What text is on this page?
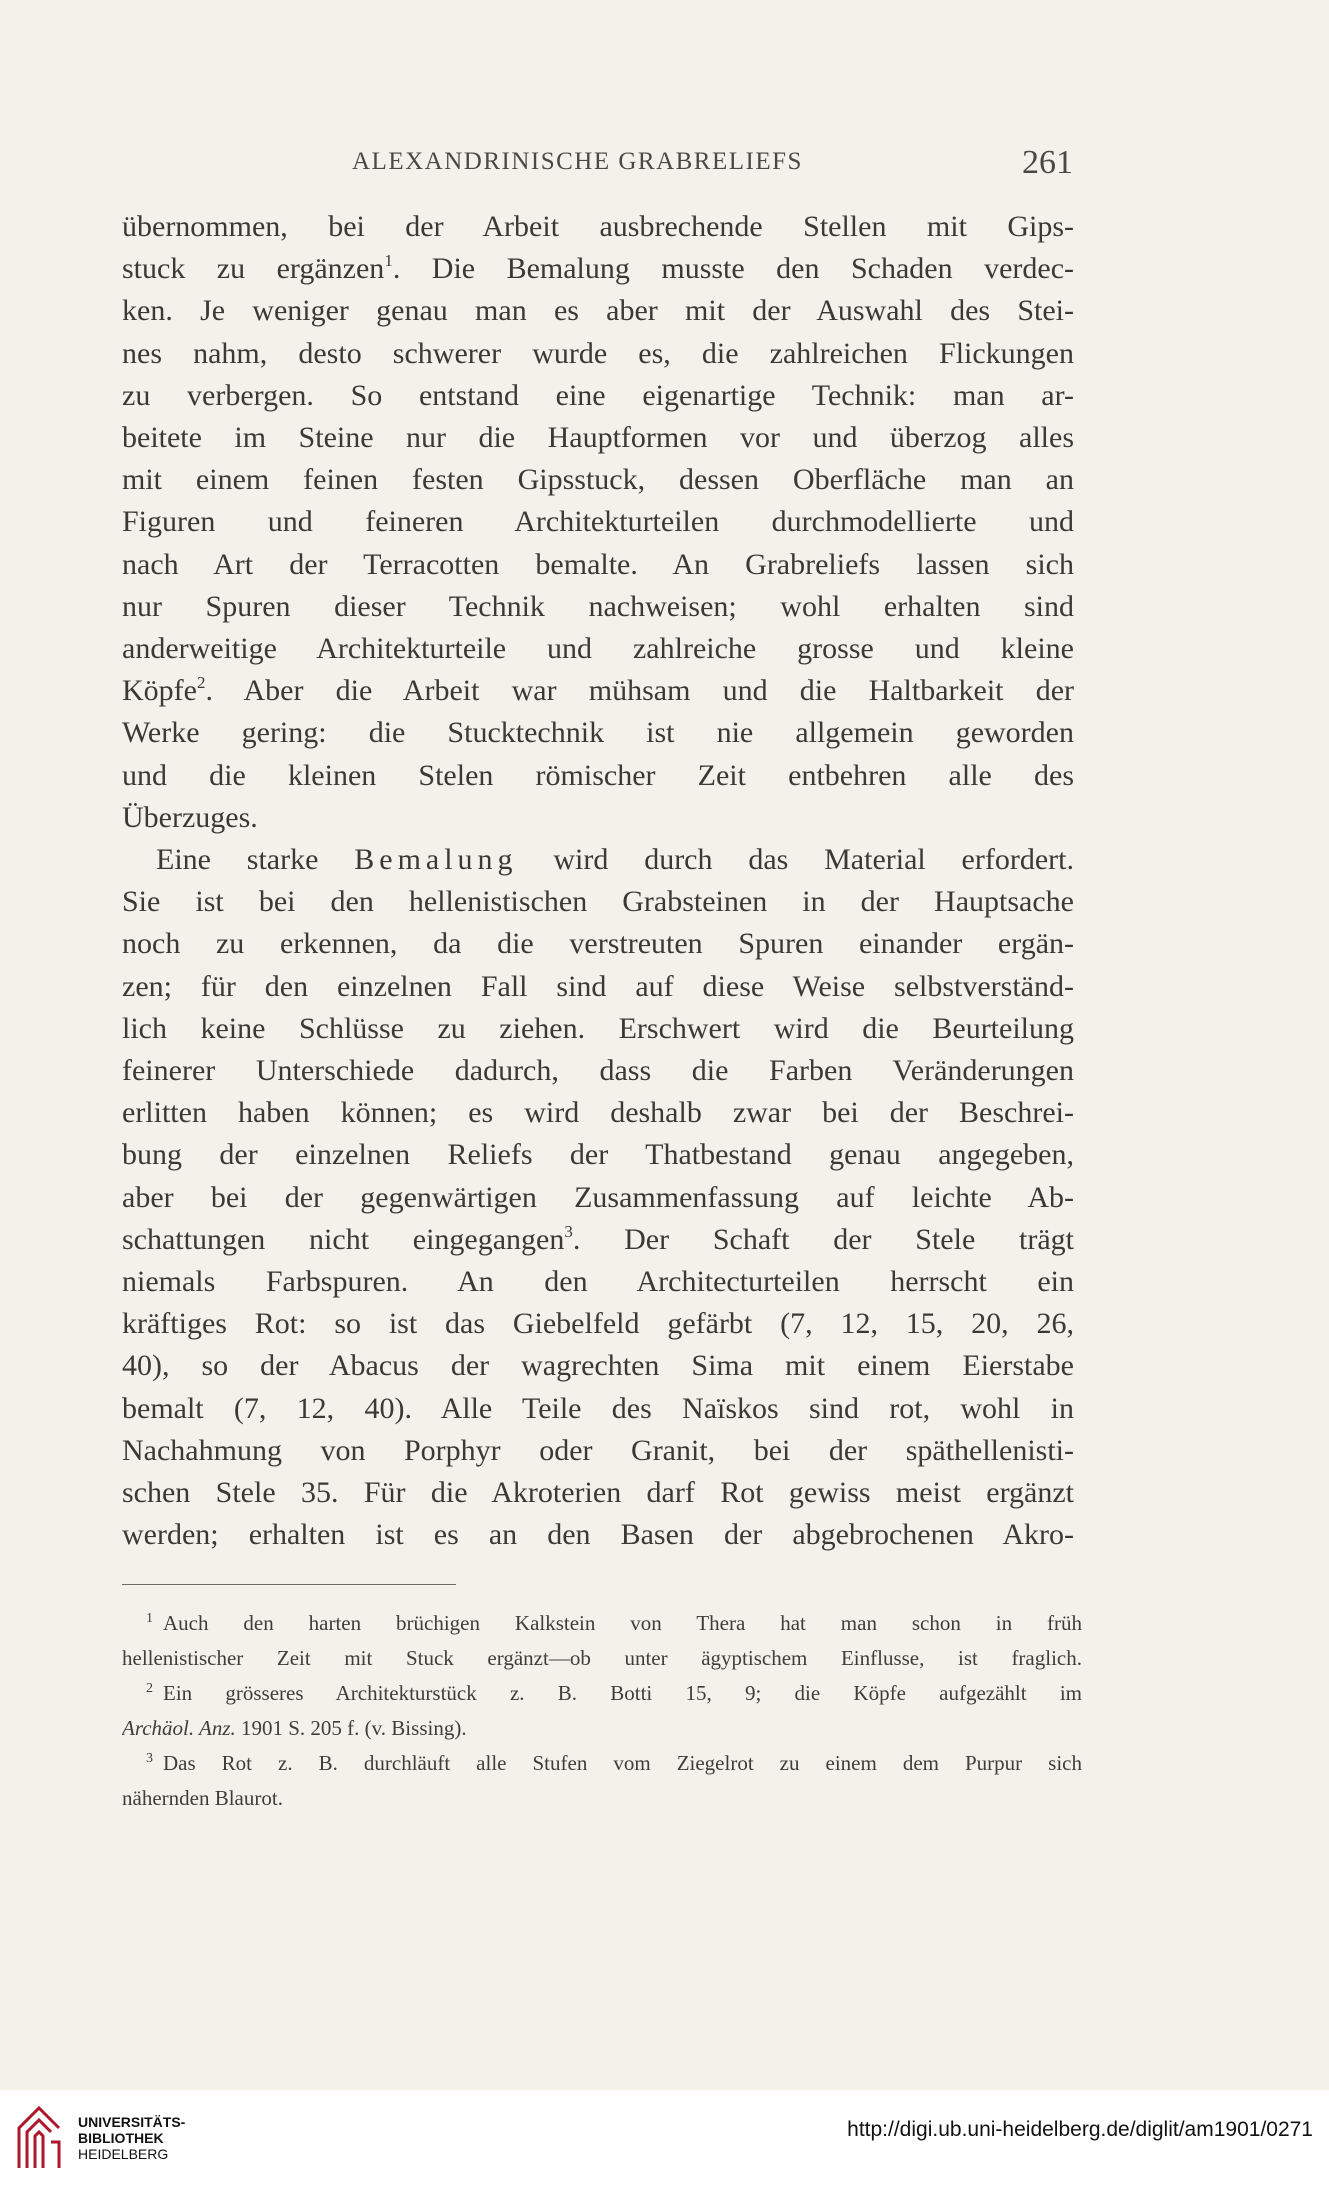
ALEXANDRINISCHE GRABRELIEFS	261
übernommen, bei der Arbeit ausbrechende Stellen mit Gips-
stuck zu ergänzen$^1$. Die Bemalung musste den Schaden verdec-
ken. Je weniger genau man es aber mit der Auswahl des Stei-
nes nahm, desto schwerer wurde es, die zahlreichen Flickungen
zu verbergen. So entstand eine eigenartige Technik: man ar-
beitete im Steine nur die Hauptformen vor und überzog alles
mit einem feinen festen Gipsstuck, dessen Oberfläche man an
Figuren und feineren Architekturteilen durchmodellierte und
nach Art der Terracotten bemalte. An Grabreliefs lassen sich
nur Spuren dieser Technik nachweisen; wohl erhalten sind
anderweitige Architekturteile und zahlreiche grosse und kleine
Köpfe$^2$. Aber die Arbeit war mühsam und die Haltbarkeit der
Werke gering: die Stucktechnik ist nie allgemein geworden
und die kleinen Stelen römischer Zeit entbehren alle des
Überzuges.
Eine starke Bemalung wird durch das Material erfordert.
Sie ist bei den hellenistischen Grabsteinen in der Hauptsache
noch zu erkennen, da die verstreuten Spuren einander ergän-
zen; für den einzelnen Fall sind auf diese Weise selbstverständ-
lich keine Schlüsse zu ziehen. Erschwert wird die Beurteilung
feinerer Unterschiede dadurch, dass die Farben Veränderungen
erlitten haben können; es wird deshalb zwar bei der Beschrei-
bung der einzelnen Reliefs der Thatbestand genau angegeben,
aber bei der gegenwärtigen Zusammenfassung auf leichte Ab-
schattungen nicht eingegangen$^3$. Der Schaft der Stele trägt
niemals Farbspuren. An den Architecturteilen herrscht ein
kräftiges Rot: so ist das Giebelfeld gefärbt (7, 12, 15, 20, 26,
40), so der Abacus der wagrechten Sima mit einem Eierstabe
bemalt (7, 12, 40). Alle Teile des Naïskos sind rot, wohl in
Nachahmung von Porphyr oder Granit, bei der späthellenisti-
schen Stele 35. Für die Akroterien darf Rot gewiss meist ergänzt
werden; erhalten ist es an den Basen der abgebrochenen Akro-
$^1$ Auch den harten brüchigen Kalkstein von Thera hat man schon in früh
hellenistischer Zeit mit Stuck ergänzt—ob unter ägyptischem Einflusse, ist fraglich.
$^2$ Ein grösseres Architekturstück z. B. Botti 15, 9; die Köpfe aufgezählt im
Archäol. Anz. 1901 S. 205 f. (v. Bissing).
$^3$ Das Rot z. B. durchläuft alle Stufen vom Ziegelrot zu einem dem Purpur sich
nähernden Blaurot.
UNIVERSITÄTS-
BIBLIOTHEK
HEIDELBERG
http://digi.ub.uni-heidelberg.de/diglit/am1901/0271
